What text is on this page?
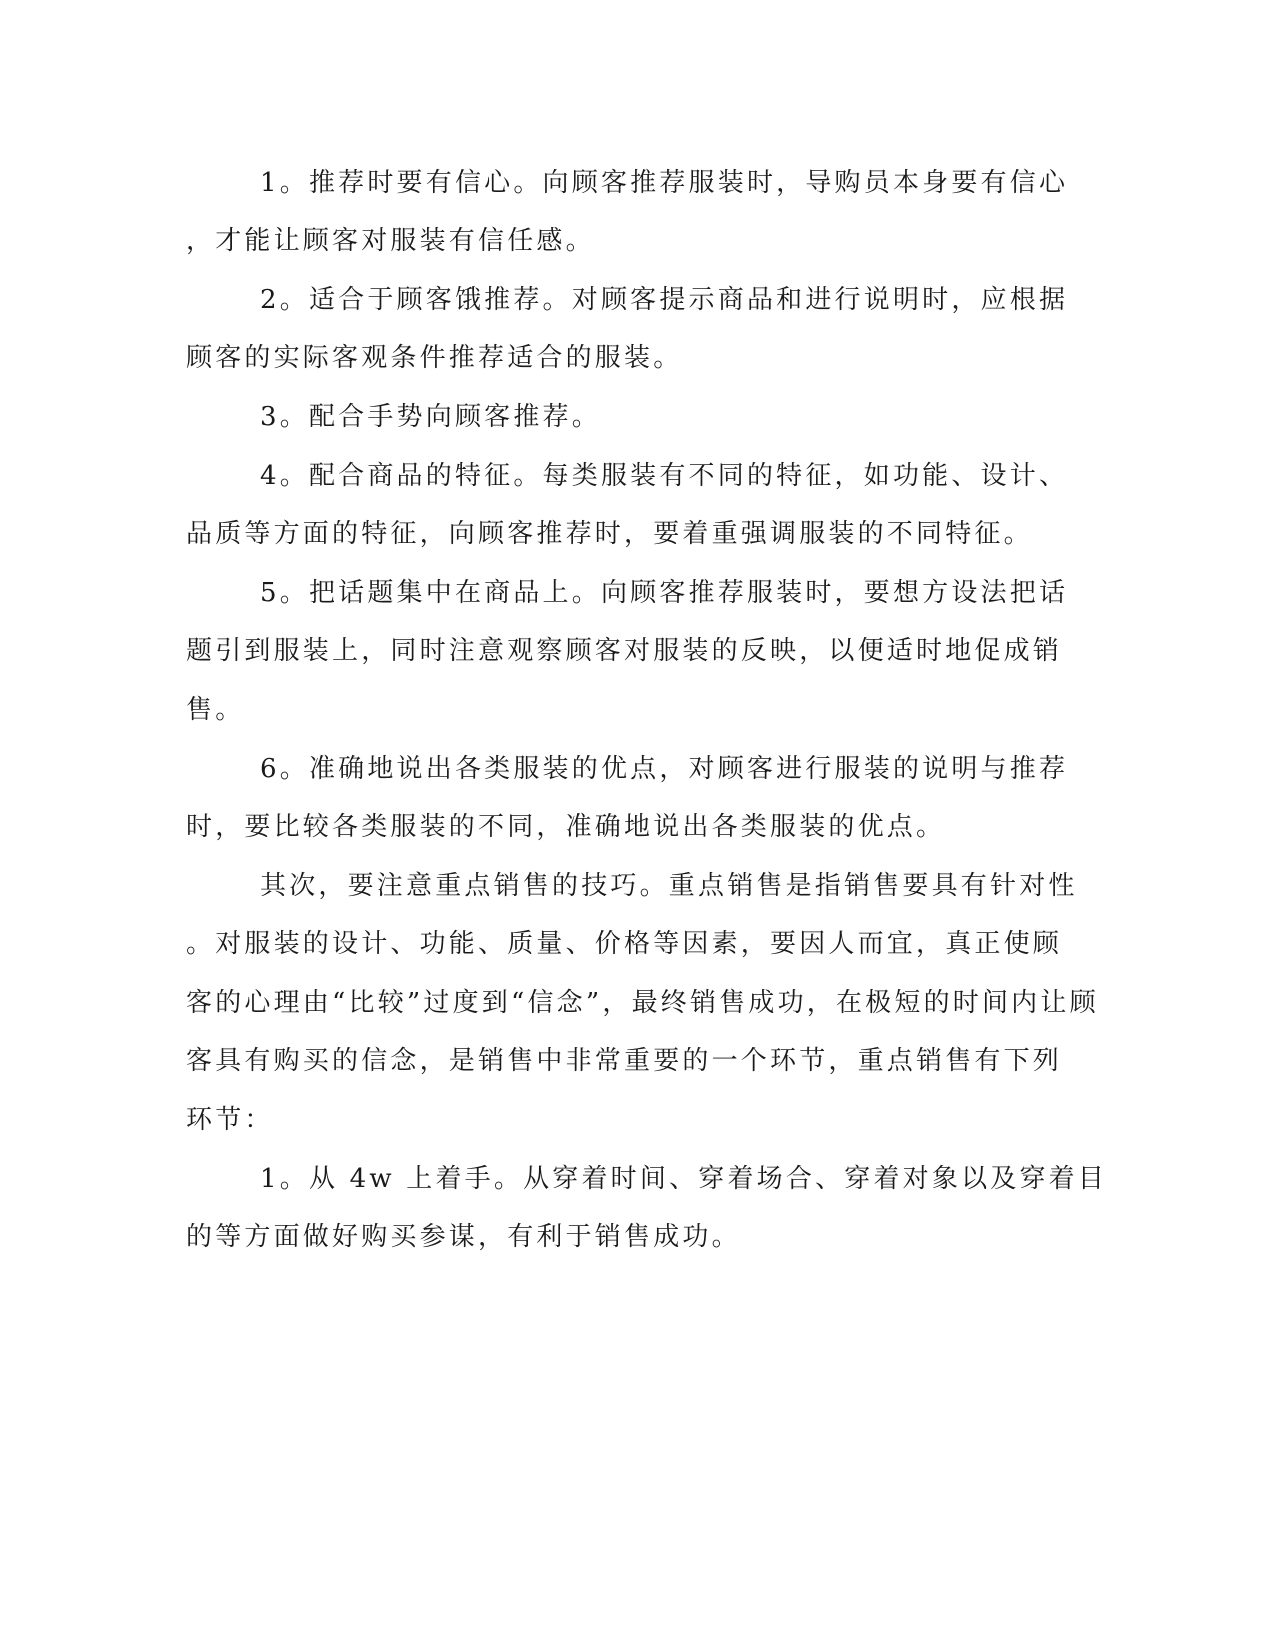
1。推荐时要有信心。向顾客推荐服装时，导购员本身要有信心
，才能让顾客对服装有信任感。
2。适合于顾客饿推荐。对顾客提示商品和进行说明时，应根据
顾客的实际客观条件推荐适合的服装。
3。配合手势向顾客推荐。
4。配合商品的特征。每类服装有不同的特征，如功能、设计、
品质等方面的特征，向顾客推荐时，要着重强调服装的不同特征。
5。把话题集中在商品上。向顾客推荐服装时，要想方设法把话
题引到服装上，同时注意观察顾客对服装的反映，以便适时地促成销
售。
6。准确地说出各类服装的优点，对顾客进行服装的说明与推荐
时，要比较各类服装的不同，准确地说出各类服装的优点。
其次，要注意重点销售的技巧。重点销售是指销售要具有针对性
。对服装的设计、功能、质量、价格等因素，要因人而宜，真正使顾
客的心理由“比较”过度到“信念”，最终销售成功，在极短的时间内让顾
客具有购买的信念，是销售中非常重要的一个环节，重点销售有下列
环节：
1。从 4w 上着手。从穿着时间、穿着场合、穿着对象以及穿着目
的等方面做好购买参谋，有利于销售成功。
